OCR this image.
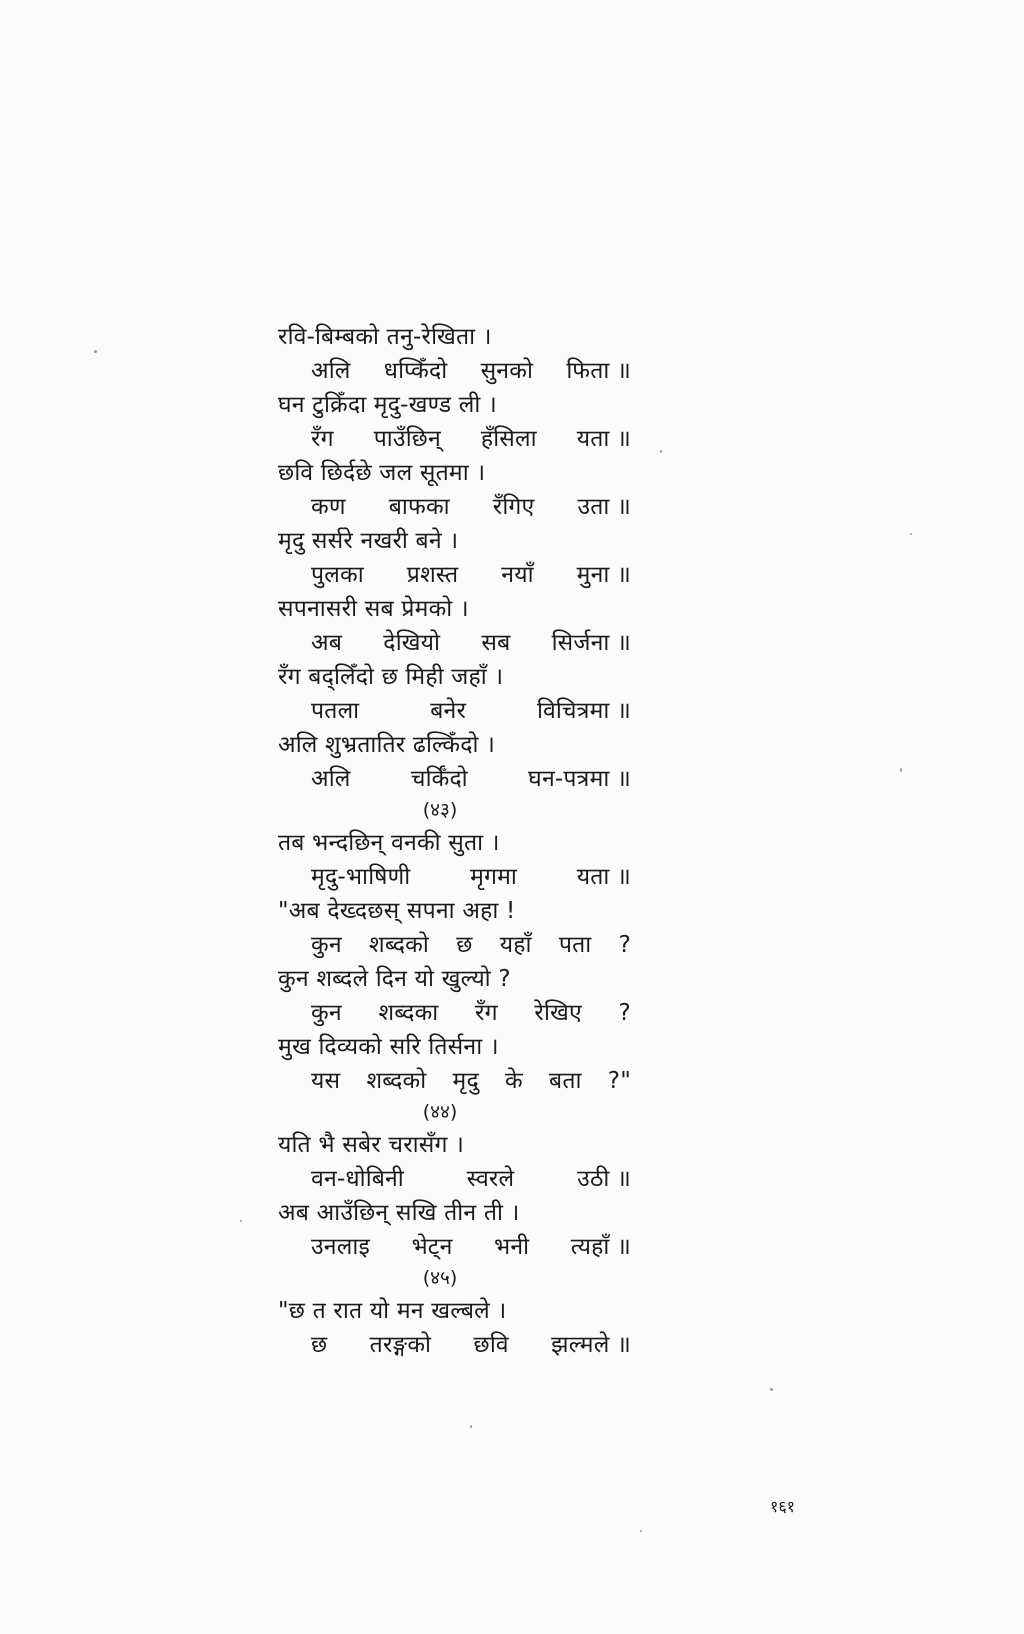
रवि-बिम्बको तनु-रेखिता ।
अलि धप्किँदो सुनको फिता ॥
घन टुक्रिँदा मृदु-खण्ड ली ।
रँग पाउँछिन् हँसिला यता ॥
छवि छिर्दछे जल सूतमा ।
कण बाफका रँगिए उता ॥
मृदु सर्सरे नखरी बने ।
पुलका प्रशस्त नयाँ मुना ॥
सपनासरी सब प्रेमको ।
अब देखियो सब सिर्जना ॥
रँग बद्लिँदो छ मिही जहाँ ।
पतला	बनेर	विचित्रमा ॥
अलि शुभ्रतातिर ढल्किँदो ।
अलि	चर्किँदो	घन-पत्रमा ॥
(४३)
तब भन्दछिन् वनकी सुता ।
मृदु-भाषिणी	मृगमा	यता ॥
"अब देख्दछस् सपना अहा !
कुन शब्दको छ यहाँ पता ?
कुन शब्दले दिन यो खुल्यो ?
कुन शब्दका रँग रेखिए ?
मुख दिव्यको सरि तिर्सना ।
यस शब्दको मृदु के बता ?"
(४४)
यति भै सबेर चरासँग ।
वन-धोबिनी	स्वरले	उठी ॥
अब आउँछिन् सखि तीन ती ।
उनलाइ भेट्न भनी त्यहाँ ॥
(४५)
"छ त रात यो मन खल्बले ।
छ तरङ्गको छवि झल्मले ॥
१६१
